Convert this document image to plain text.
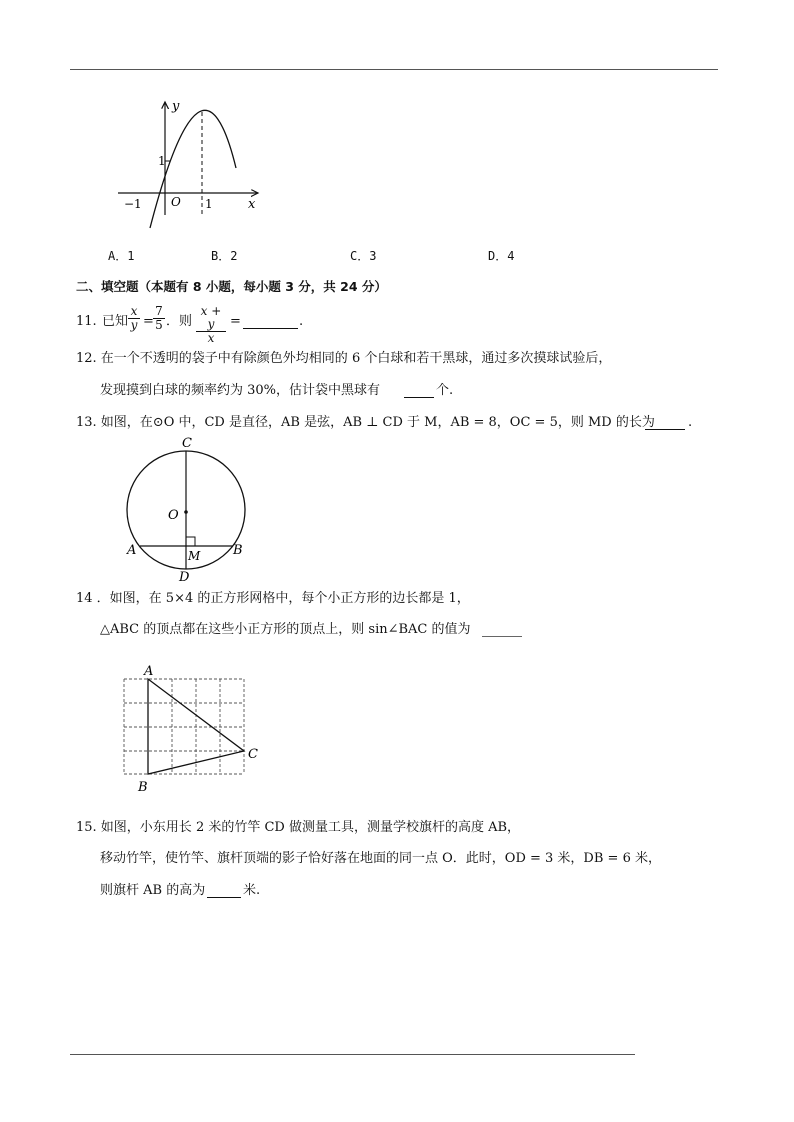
y
x
O
1
−1	1
A．1	B．2	C．3	D．4
二、填空题（本题有 8 小题，每小题 3 分，共 24 分）
11. 已知 $\frac{x}{y} = \frac{7}{5}$ ．则 $\frac{x + y}{x}$ =	.
12. 在一个不透明的袋子中有除颜色外均相同的 6 个白球和若干黑球，通过多次摸球试验后，
发现摸到白球的频率约为 30%，估计袋中黑球有	个.
13. 如图，在⊙O 中，CD 是直径，AB 是弦，AB ⊥ CD 于 M，AB = 8，OC = 5，则 MD 的长为	.
C
O
A	B
M
D
14 ．如图，在 5×4 的正方形网格中，每个小正方形的边长都是 1，
△ABC 的顶点都在这些小正方形的顶点上，则 sin∠BAC 的值为
A
B
C
15. 如图，小东用长 2 米的竹竿 CD 做测量工具，测量学校旗杆的高度 AB，
移动竹竿，使竹竿、旗杆顶端的影子恰好落在地面的同一点 O．此时，OD = 3 米，DB = 6 米，
则旗杆 AB 的高为	米.
